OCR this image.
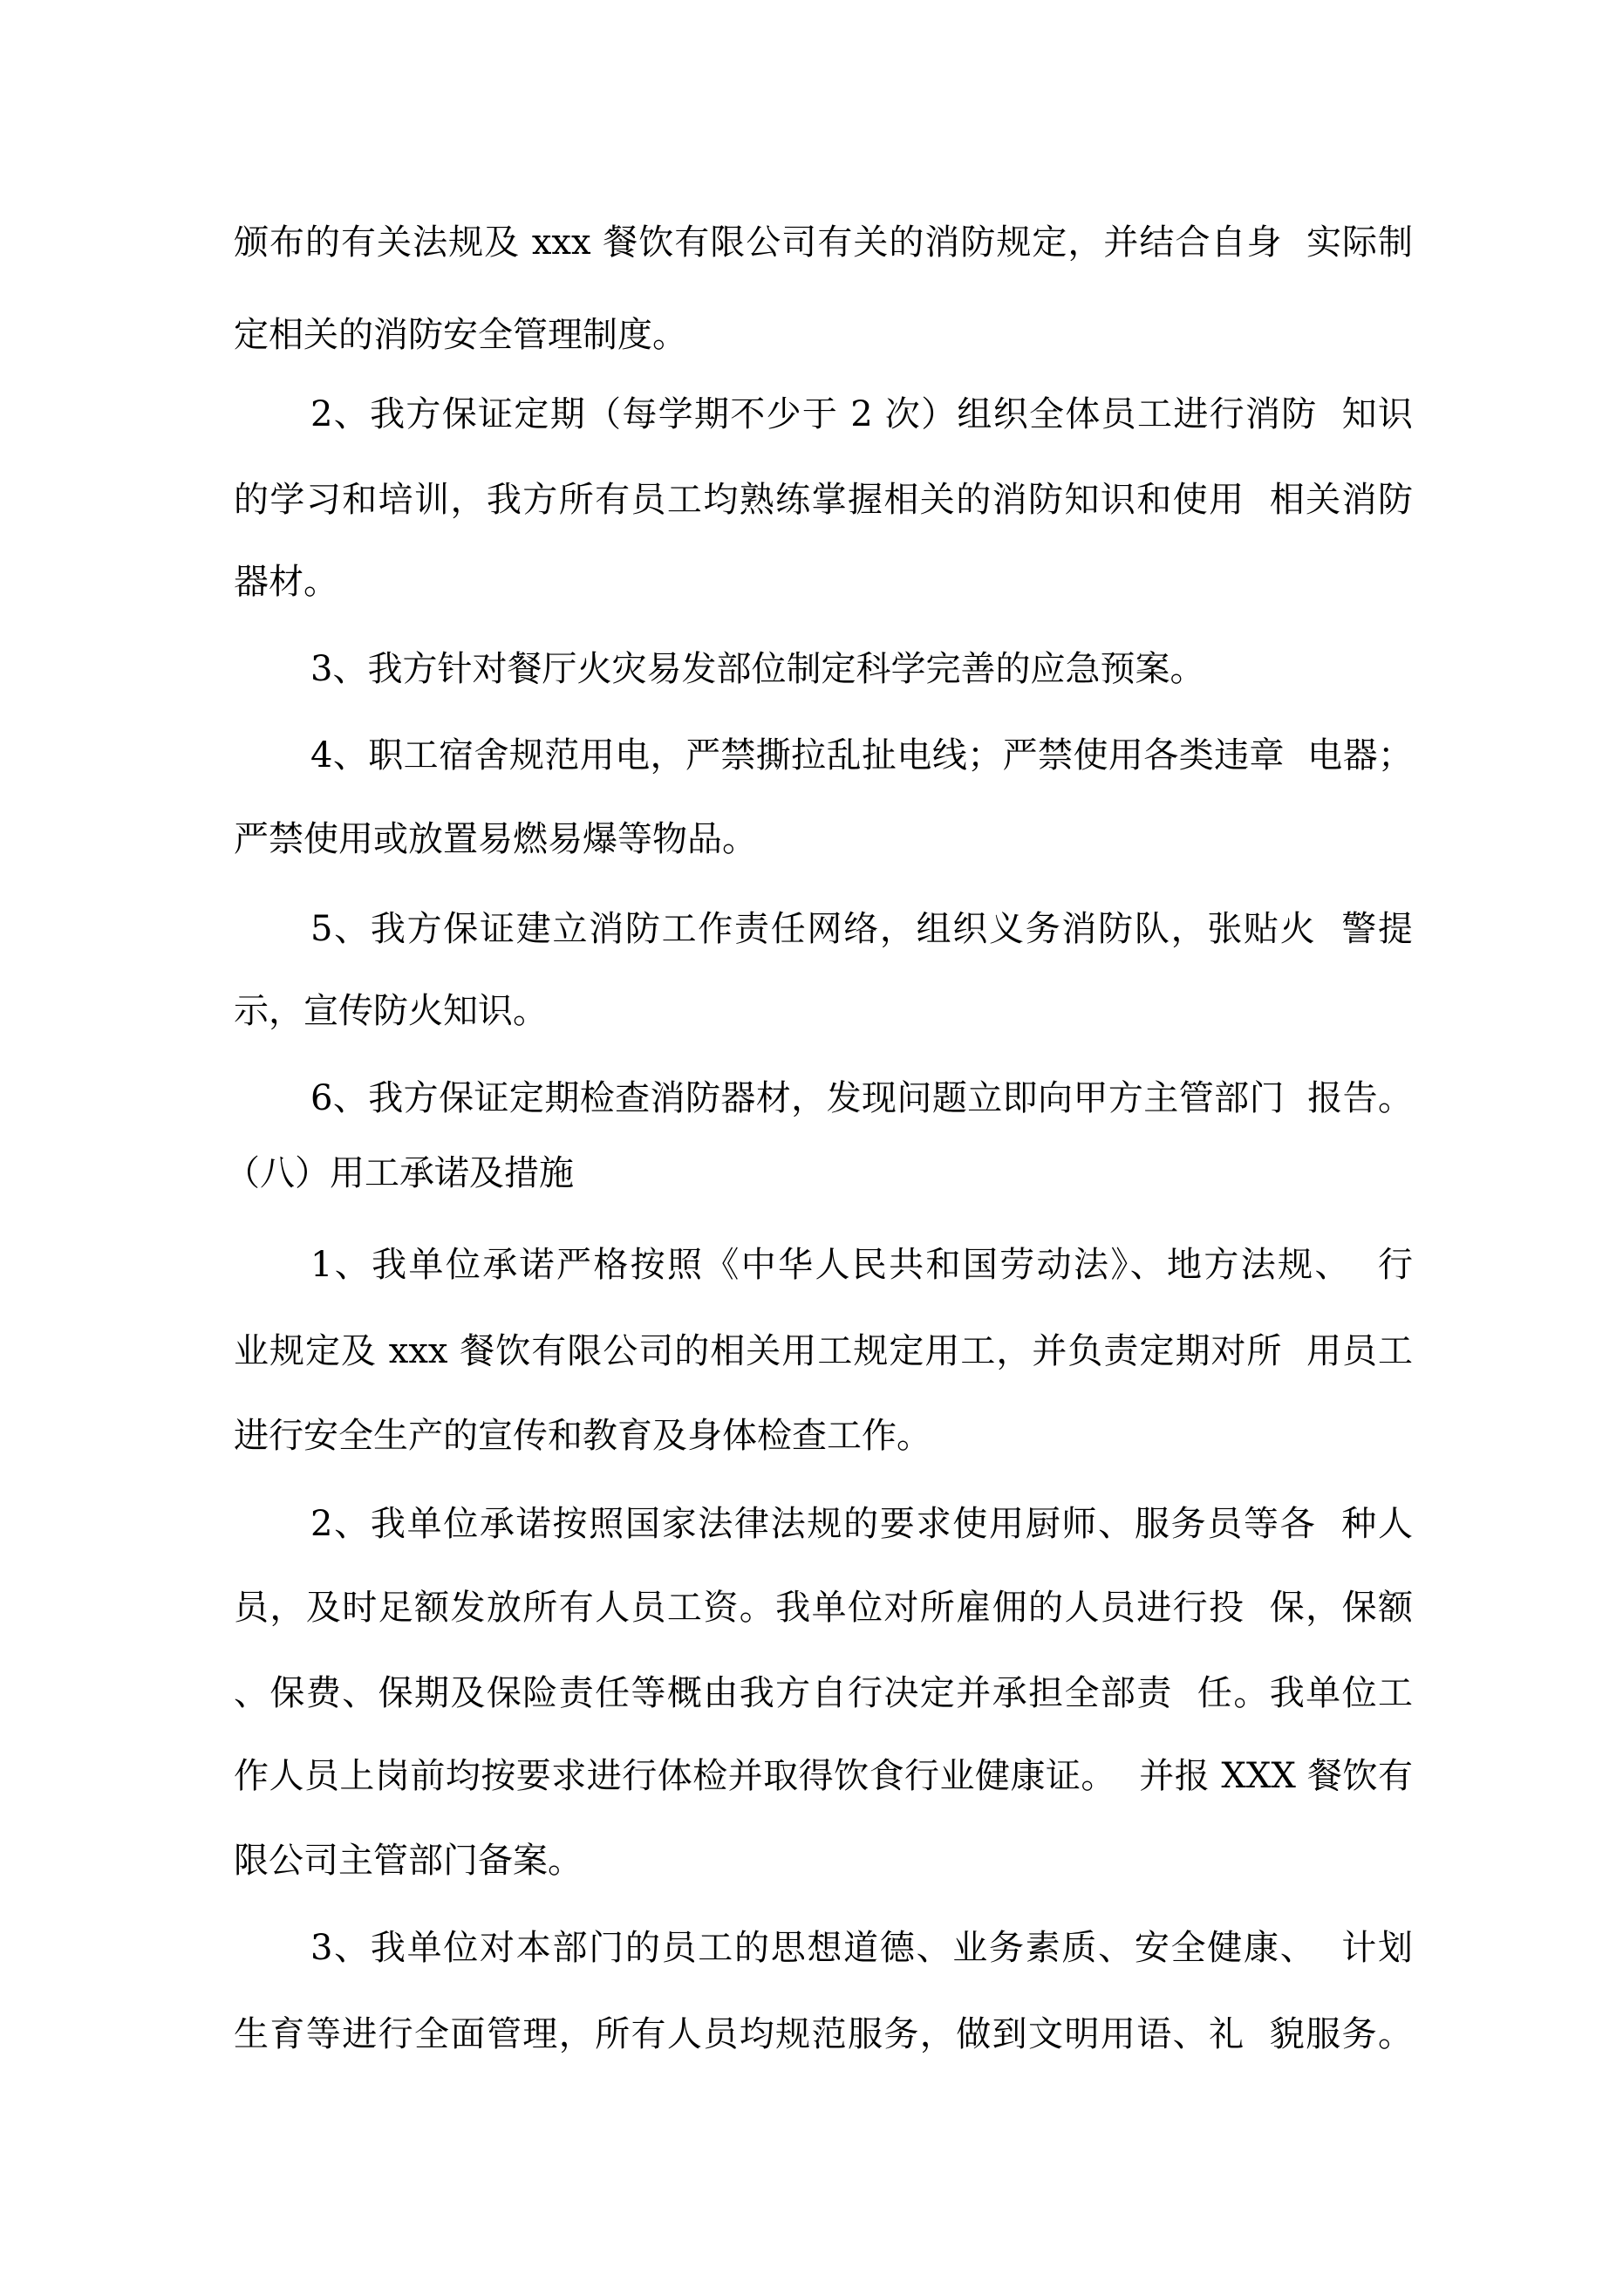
颁布的有关法规及 xxx 餐饮有限公司有关的消防规定，并结合自身  实际制
定相关的消防安全管理制度。
2、我方保证定期（每学期不少于 2 次）组织全体员工进行消防  知识
的学习和培训，我方所有员工均熟练掌握相关的消防知识和使用  相关消防
器材。
3、我方针对餐厅火灾易发部位制定科学完善的应急预案。
4、职工宿舍规范用电，严禁撕拉乱扯电线；严禁使用各类违章  电器；
严禁使用或放置易燃易爆等物品。
5、我方保证建立消防工作责任网络，组织义务消防队，张贴火  警提
示，宣传防火知识。
6、我方保证定期检查消防器材，发现问题立即向甲方主管部门  报告。
（八）用工承诺及措施
1、我单位承诺严格按照《中华人民共和国劳动法》、地方法规、  行
业规定及 xxx 餐饮有限公司的相关用工规定用工，并负责定期对所  用员工
进行安全生产的宣传和教育及身体检查工作。
2、我单位承诺按照国家法律法规的要求使用厨师、服务员等各  种人
员，及时足额发放所有人员工资。我单位对所雇佣的人员进行投  保，保额
、保费、保期及保险责任等概由我方自行决定并承担全部责  任。我单位工
作人员上岗前均按要求进行体检并取得饮食行业健康证。  并报 XXX 餐饮有
限公司主管部门备案。
3、我单位对本部门的员工的思想道德、业务素质、安全健康、  计划
生育等进行全面管理，所有人员均规范服务，做到文明用语、礼  貌服务。
